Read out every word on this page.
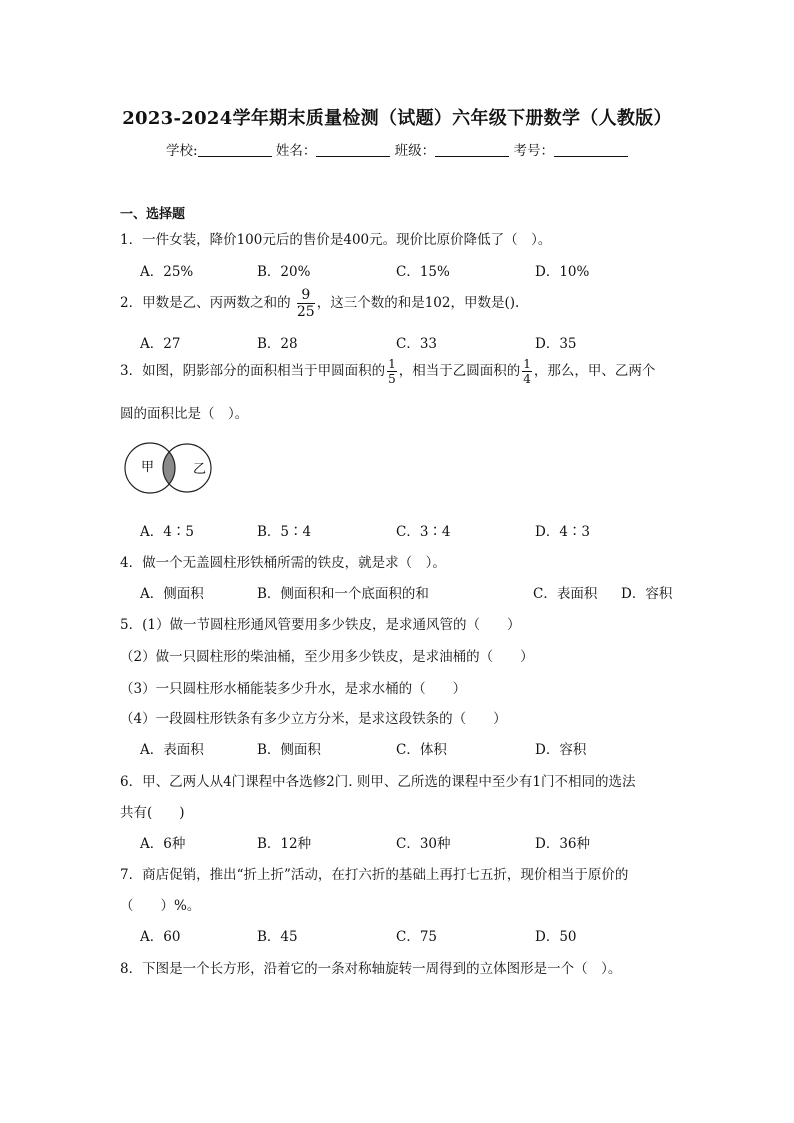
2023-2024学年期末质量检测（试题）六年级下册数学（人教版）
学校:	姓名：	班级：	考号：
一、选择题
1．一件女装，降价100元后的售价是400元。现价比原价降低了（　）。
A．25%	B．20%	C．15%	D．10%
2．甲数是乙、丙两数之和的 $\frac{9}{25}$ ，这三个数的和是102，甲数是().
A．27	B．28	C．33	D．35
3．如图，阴影部分的面积相当于甲圆面积的 $\frac{1}{5}$ ，相当于乙圆面积的 $\frac{1}{4}$ ，那么，甲、乙两个
圆的面积比是（　）。
甲	乙
A．4∶5	B．5∶4	C．3∶4	D．4∶3
4．做一个无盖圆柱形铁桶所需的铁皮，就是求（　）。
A．侧面积	B．侧面积和一个底面积的和	C．表面积 D．容积
5．(1）做一节圆柱形通风管要用多少铁皮，是求通风管的（　　）
（2）做一只圆柱形的柴油桶，至少用多少铁皮，是求油桶的（　　）
（3）一只圆柱形水桶能装多少升水，是求水桶的（　　）
（4）一段圆柱形铁条有多少立方分米，是求这段铁条的（　　）
A．表面积	B．侧面积	C．体积	D．容积
6．甲、乙两人从4门课程中各选修2门. 则甲、乙所选的课程中至少有1门不相同的选法
共有(　　)
A．6种	B．12种	C．30种	D．36种
7．商店促销，推出“折上折”活动，在打六折的基础上再打七五折，现价相当于原价的
（　　）%。
A．60	B．45	C．75	D．50
8．下图是一个长方形，沿着它的一条对称轴旋转一周得到的立体图形是一个（　）。
